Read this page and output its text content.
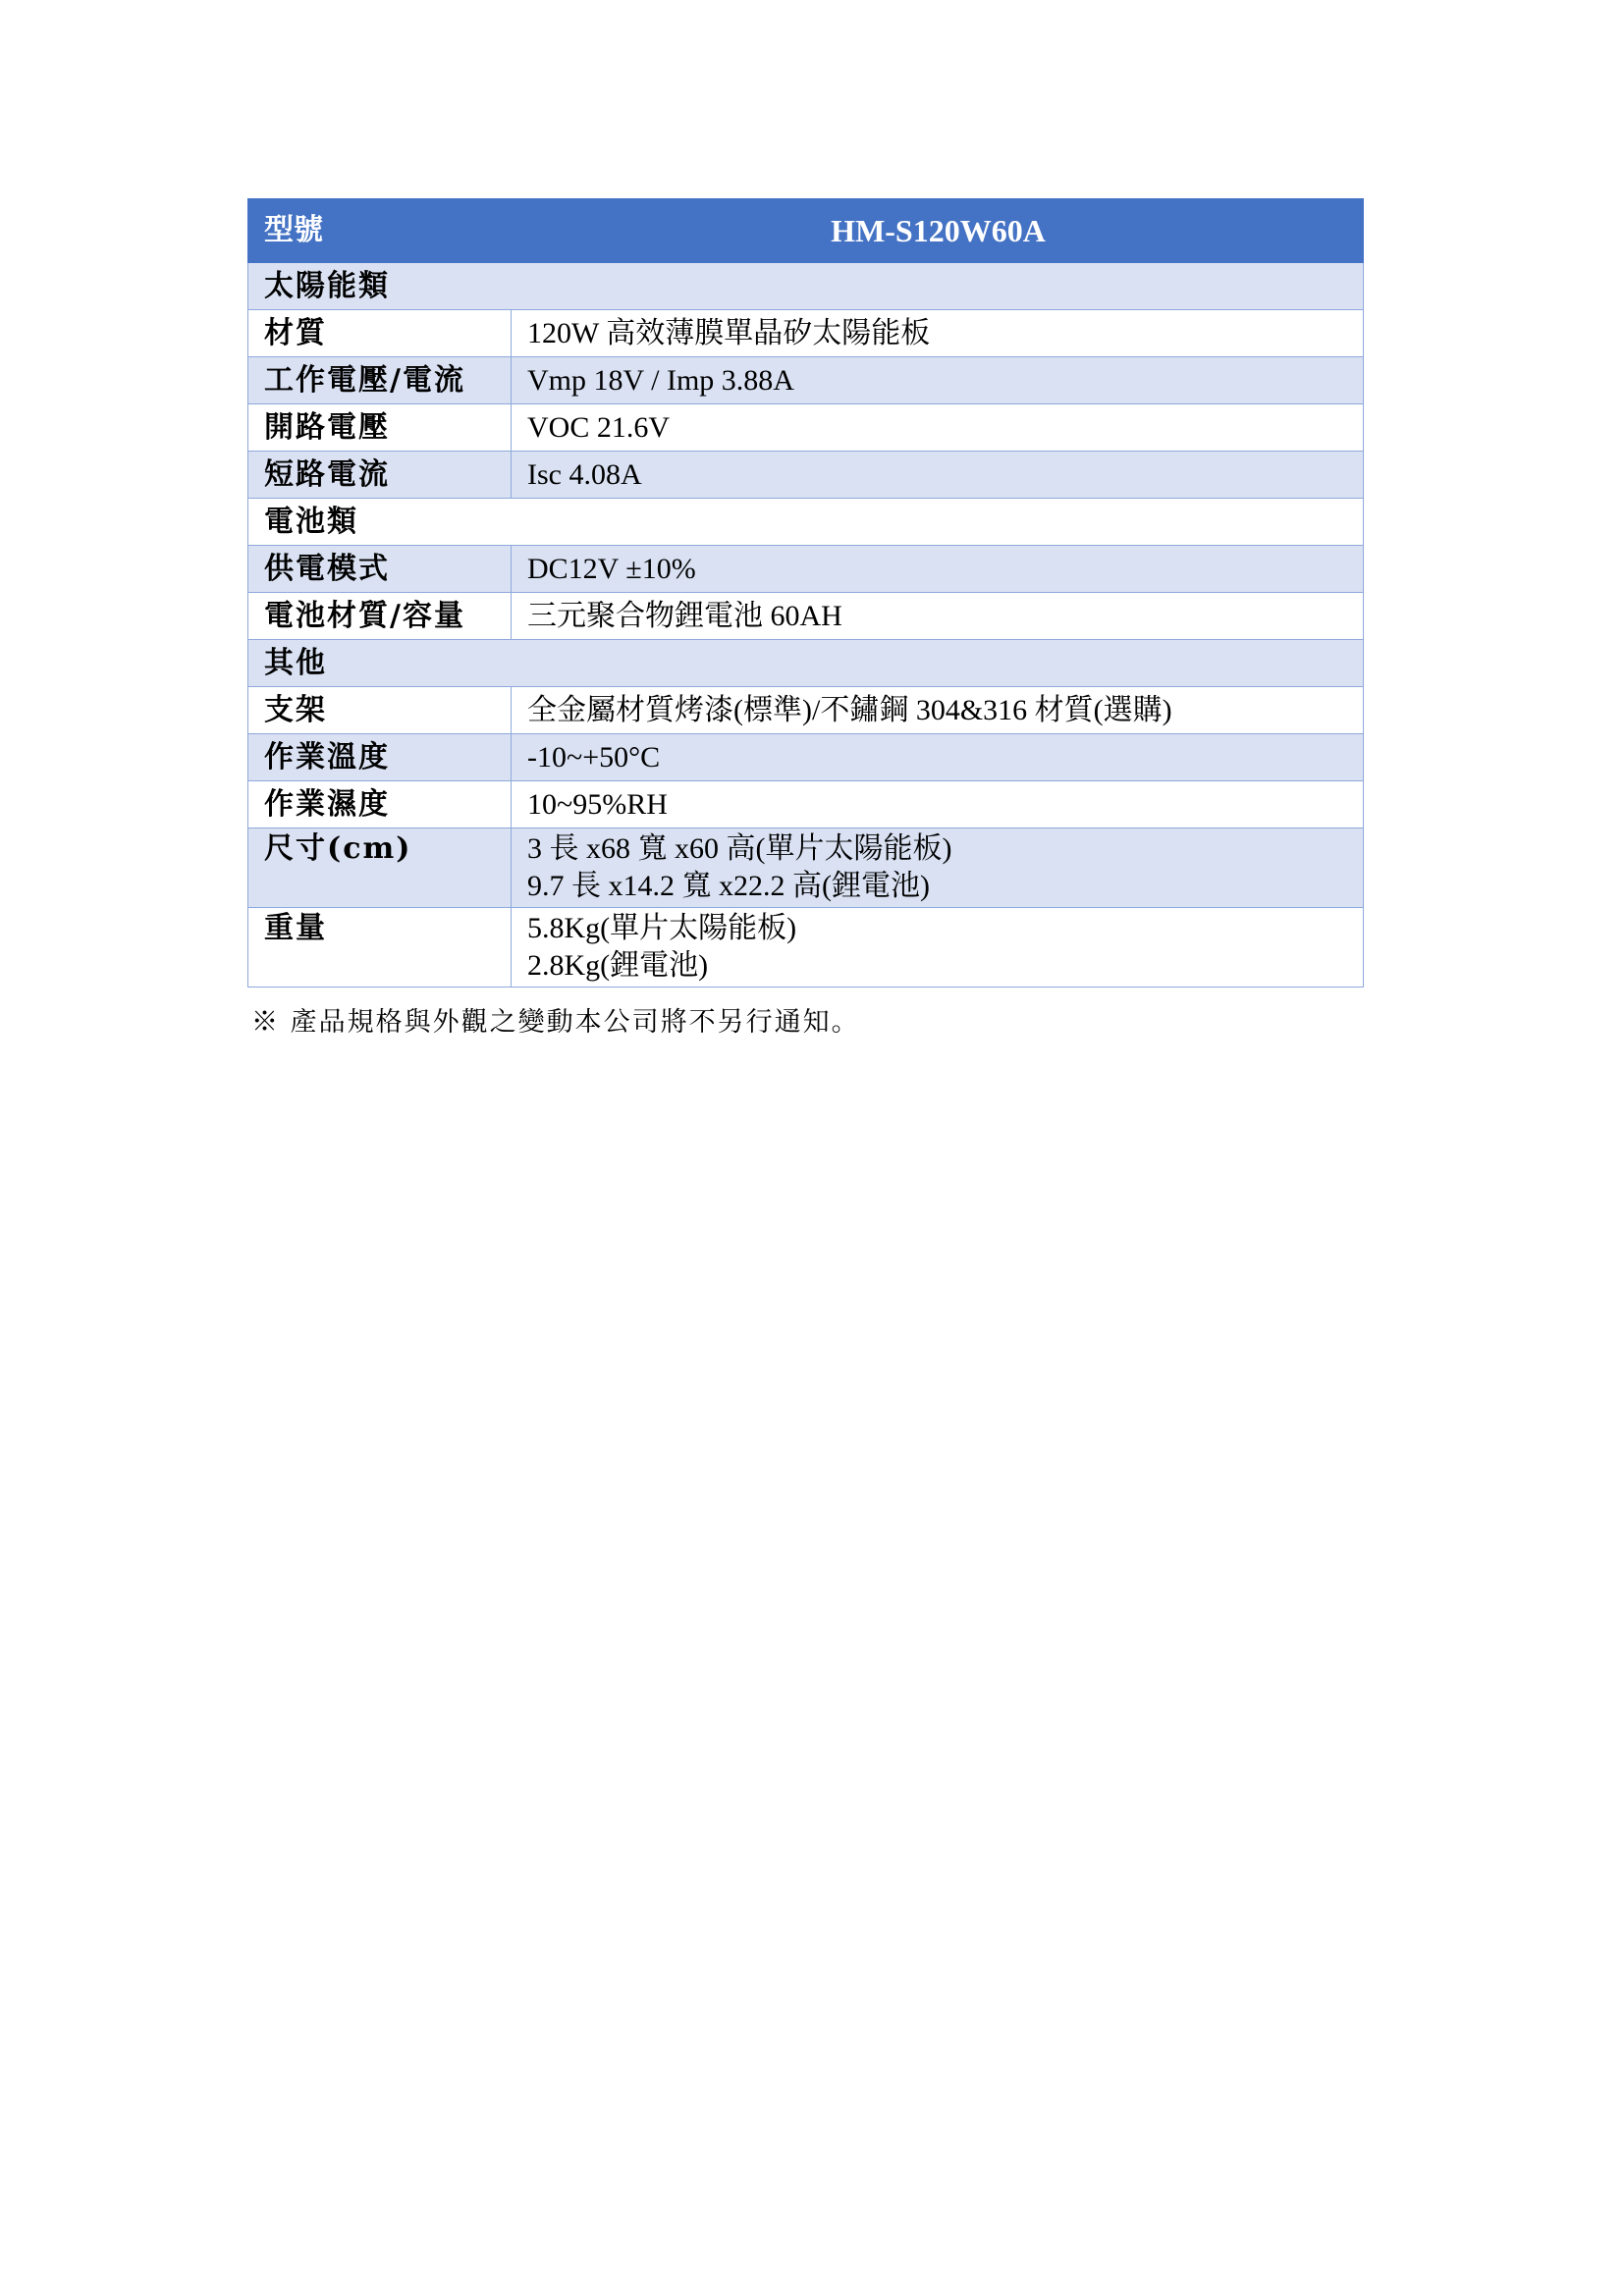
型號	HM-S120W60A
太陽能類	
材質	120W 高效薄膜單晶矽太陽能板
工作電壓/電流	Vmp 18V / Imp 3.88A
開路電壓	VOC 21.6V
短路電流	Isc 4.08A
電池類	
供電模式	DC12V ±10%
電池材質/容量	三元聚合物鋰電池 60AH
其他	
支架	全金屬材質烤漆(標準)/不鏽鋼 304&316 材質(選購)
作業溫度	-10~+50°C
作業濕度	10~95%RH
尺寸(cm)	3 長 x68 寬 x60 高(單片太陽能板)
9.7 長 x14.2 寬 x22.2 高(鋰電池)

重量	5.8Kg(單片太陽能板)
2.8Kg(鋰電池)
※ 產品規格與外觀之變動本公司將不另行通知。
